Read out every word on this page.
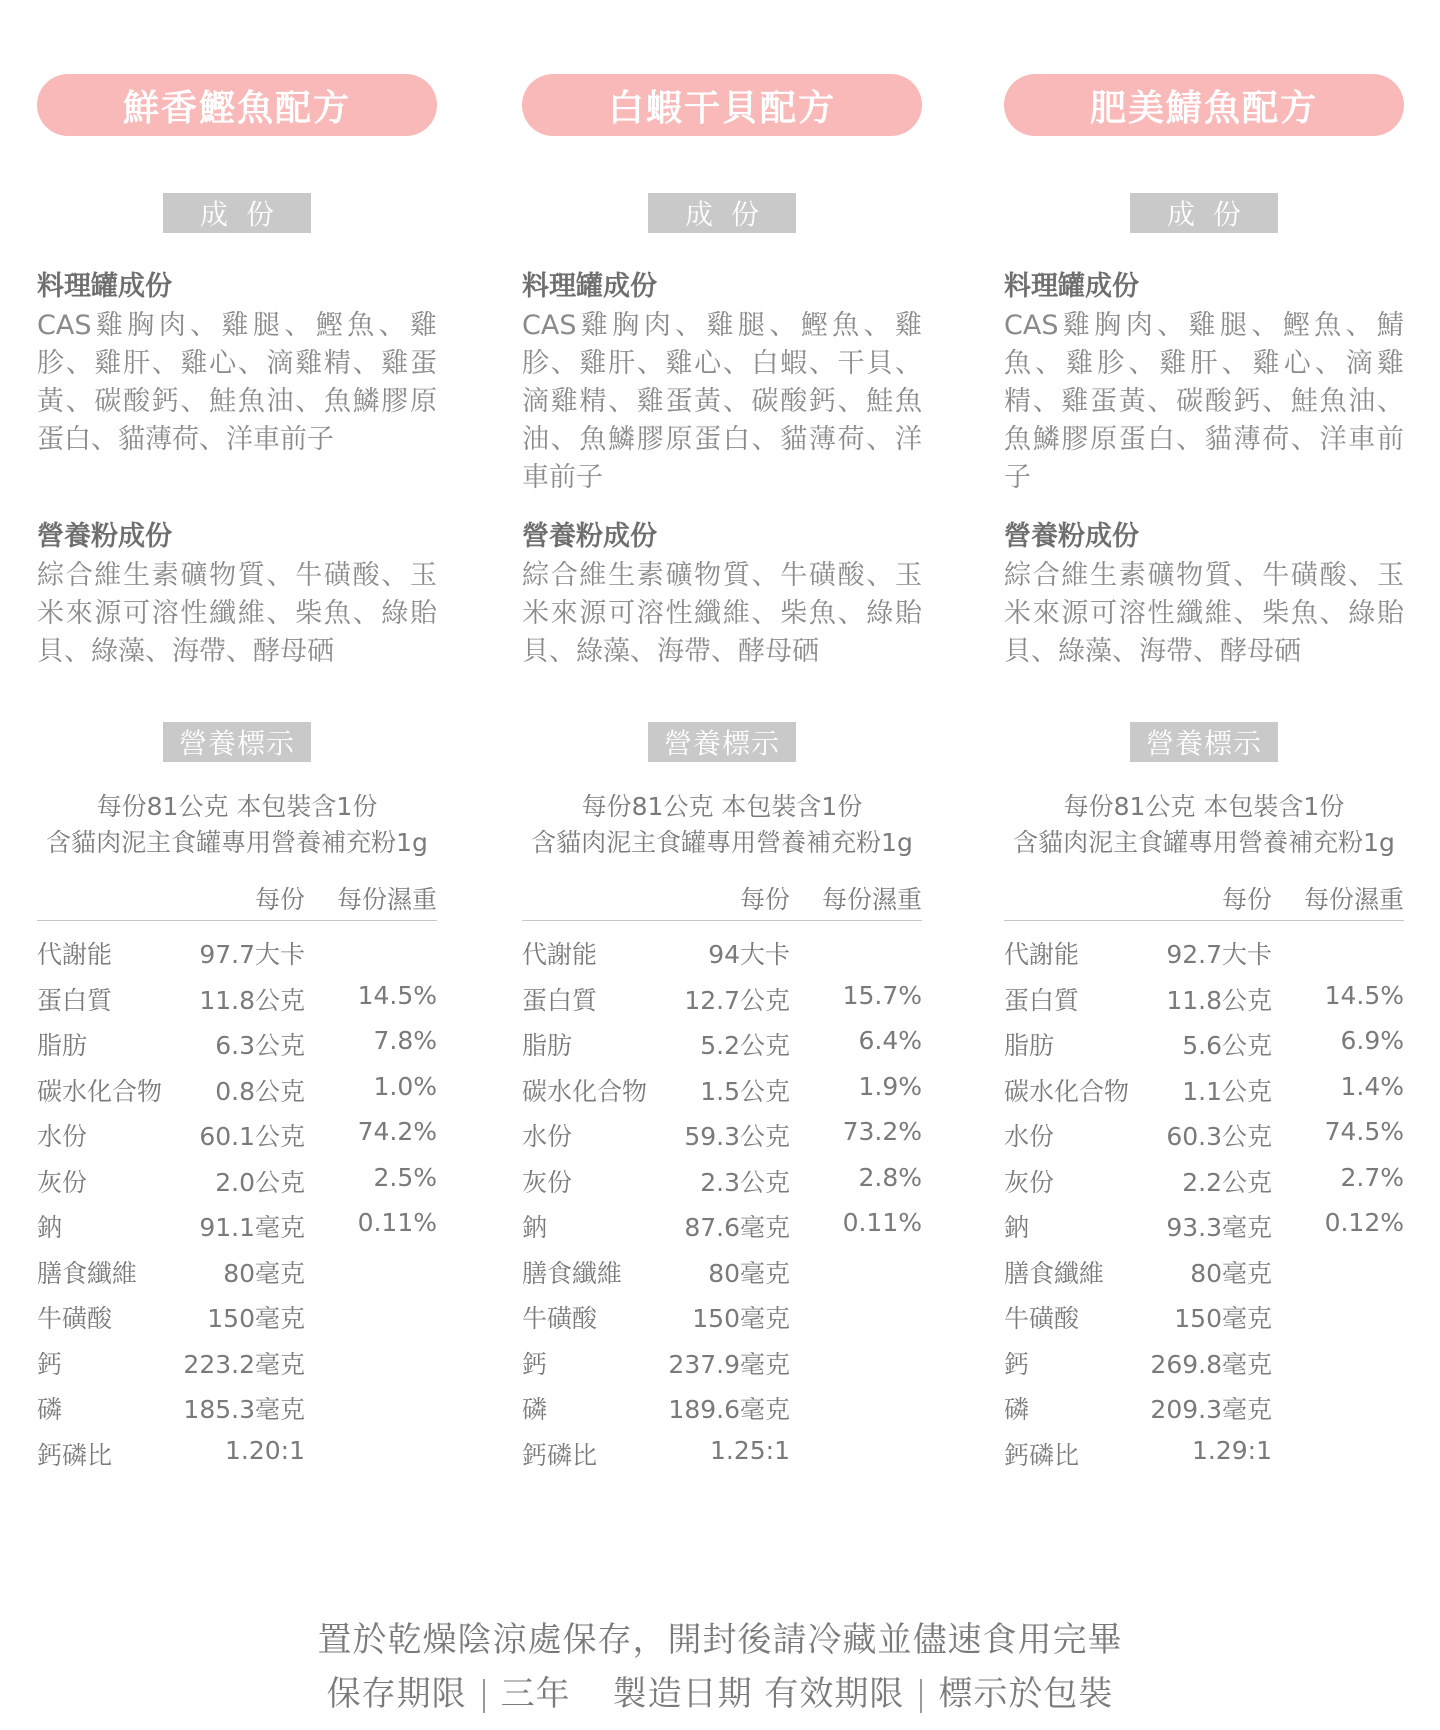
鮮香鰹魚配方
成份
料理罐成份
CAS雞胸肉、雞腿、鰹魚、雞胗、雞肝、雞心、滴雞精、雞蛋黃、碳酸鈣、鮭魚油、魚鱗膠原蛋白、貓薄荷、洋車前子
營養粉成份
綜合維生素礦物質、牛磺酸、玉米來源可溶性纖維、柴魚、綠貽貝、綠藻、海帶、酵母硒
營養標示
每份81公克 本包裝含1份
含貓肉泥主食罐專用營養補充粉1g
每份 每份濕重
代謝能	97.7大卡
蛋白質	11.8公克 14.5%
脂肪	6.3公克	7.8%
碳水化合物 0.8公克	1.0%
水份	60.1公克 74.2%
灰份	2.0公克	2.5%
鈉	91.1毫克 0.11%
膳食纖維	80毫克
牛磺酸	150毫克
鈣	223.2毫克
磷	185.3毫克
鈣磷比	1.20:1
白蝦干貝配方
成份
料理罐成份
CAS雞胸肉、雞腿、鰹魚、雞胗、雞肝、雞心、白蝦、干貝、滴雞精、雞蛋黃、碳酸鈣、鮭魚油、魚鱗膠原蛋白、貓薄荷、洋車前子
營養粉成份
綜合維生素礦物質、牛磺酸、玉米來源可溶性纖維、柴魚、綠貽貝、綠藻、海帶、酵母硒
營養標示
每份81公克 本包裝含1份
含貓肉泥主食罐專用營養補充粉1g
每份 每份濕重
代謝能	94大卡
蛋白質	12.7公克 15.7%
脂肪	5.2公克	6.4%
碳水化合物 1.5公克	1.9%
水份	59.3公克 73.2%
灰份	2.3公克	2.8%
鈉	87.6毫克 0.11%
膳食纖維	80毫克
牛磺酸	150毫克
鈣	237.9毫克
磷	189.6毫克
鈣磷比	1.25:1
肥美鯖魚配方
成份
料理罐成份
CAS雞胸肉、雞腿、鰹魚、鯖魚、雞胗、雞肝、雞心、滴雞精、雞蛋黃、碳酸鈣、鮭魚油、魚鱗膠原蛋白、貓薄荷、洋車前子
營養粉成份
綜合維生素礦物質、牛磺酸、玉米來源可溶性纖維、柴魚、綠貽貝、綠藻、海帶、酵母硒
營養標示
每份81公克 本包裝含1份
含貓肉泥主食罐專用營養補充粉1g
每份 每份濕重
代謝能	92.7大卡
蛋白質	11.8公克 14.5%
脂肪	5.6公克	6.9%
碳水化合物 1.1公克	1.4%
水份	60.3公克 74.5%
灰份	2.2公克	2.7%
鈉	93.3毫克 0.12%
膳食纖維	80毫克
牛磺酸	150毫克
鈣	269.8毫克
磷	209.3毫克
鈣磷比	1.29:1
置於乾燥陰涼處保存，開封後請冷藏並儘速食用完畢
保存期限 三年 製造日期 有效期限 標示於包裝
